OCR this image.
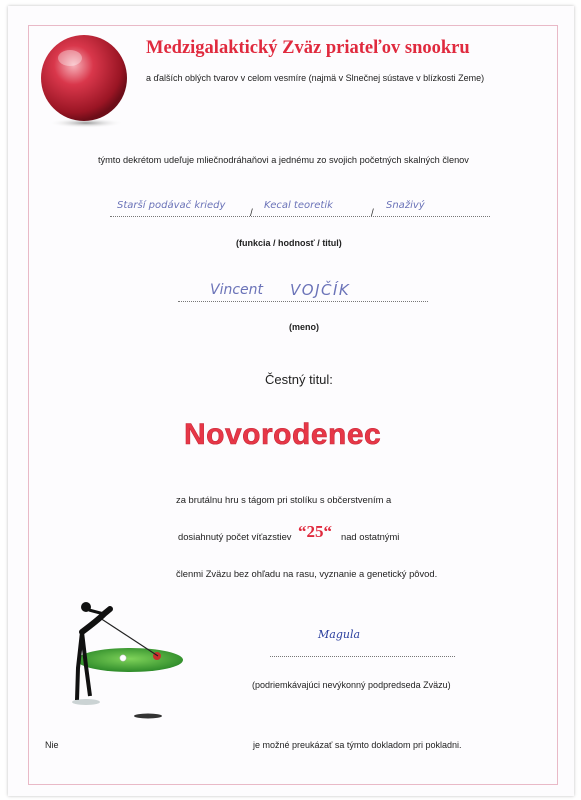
Medzigalaktický Zväz priateľov snookru
a ďalších oblých tvarov v celom vesmíre (najmä v Slnečnej sústave v blízkosti Zeme)
týmto dekrétom udeľuje mliečnodráhaňovi a jednému zo svojich početných skalných členov
Starší podávač kriedy
/
Kecal teoretik
/
Snaživý
(funkcia / hodnosť / titul)
Vincent VOJČÍK
(meno)
Čestný titul:
Novorodenec
za brutálnu hru s tágom pri stolíku s občerstvením a
dosiahnutý počet víťazstiev “25“ nad ostatnými
členmi Zväzu bez ohľadu na rasu, vyznanie a genetický pôvod.
Magula
(podriemkávajúci nevýkonný podpredseda Zväzu)
Nie	je možné preukázať sa týmto dokladom pri pokladni.
